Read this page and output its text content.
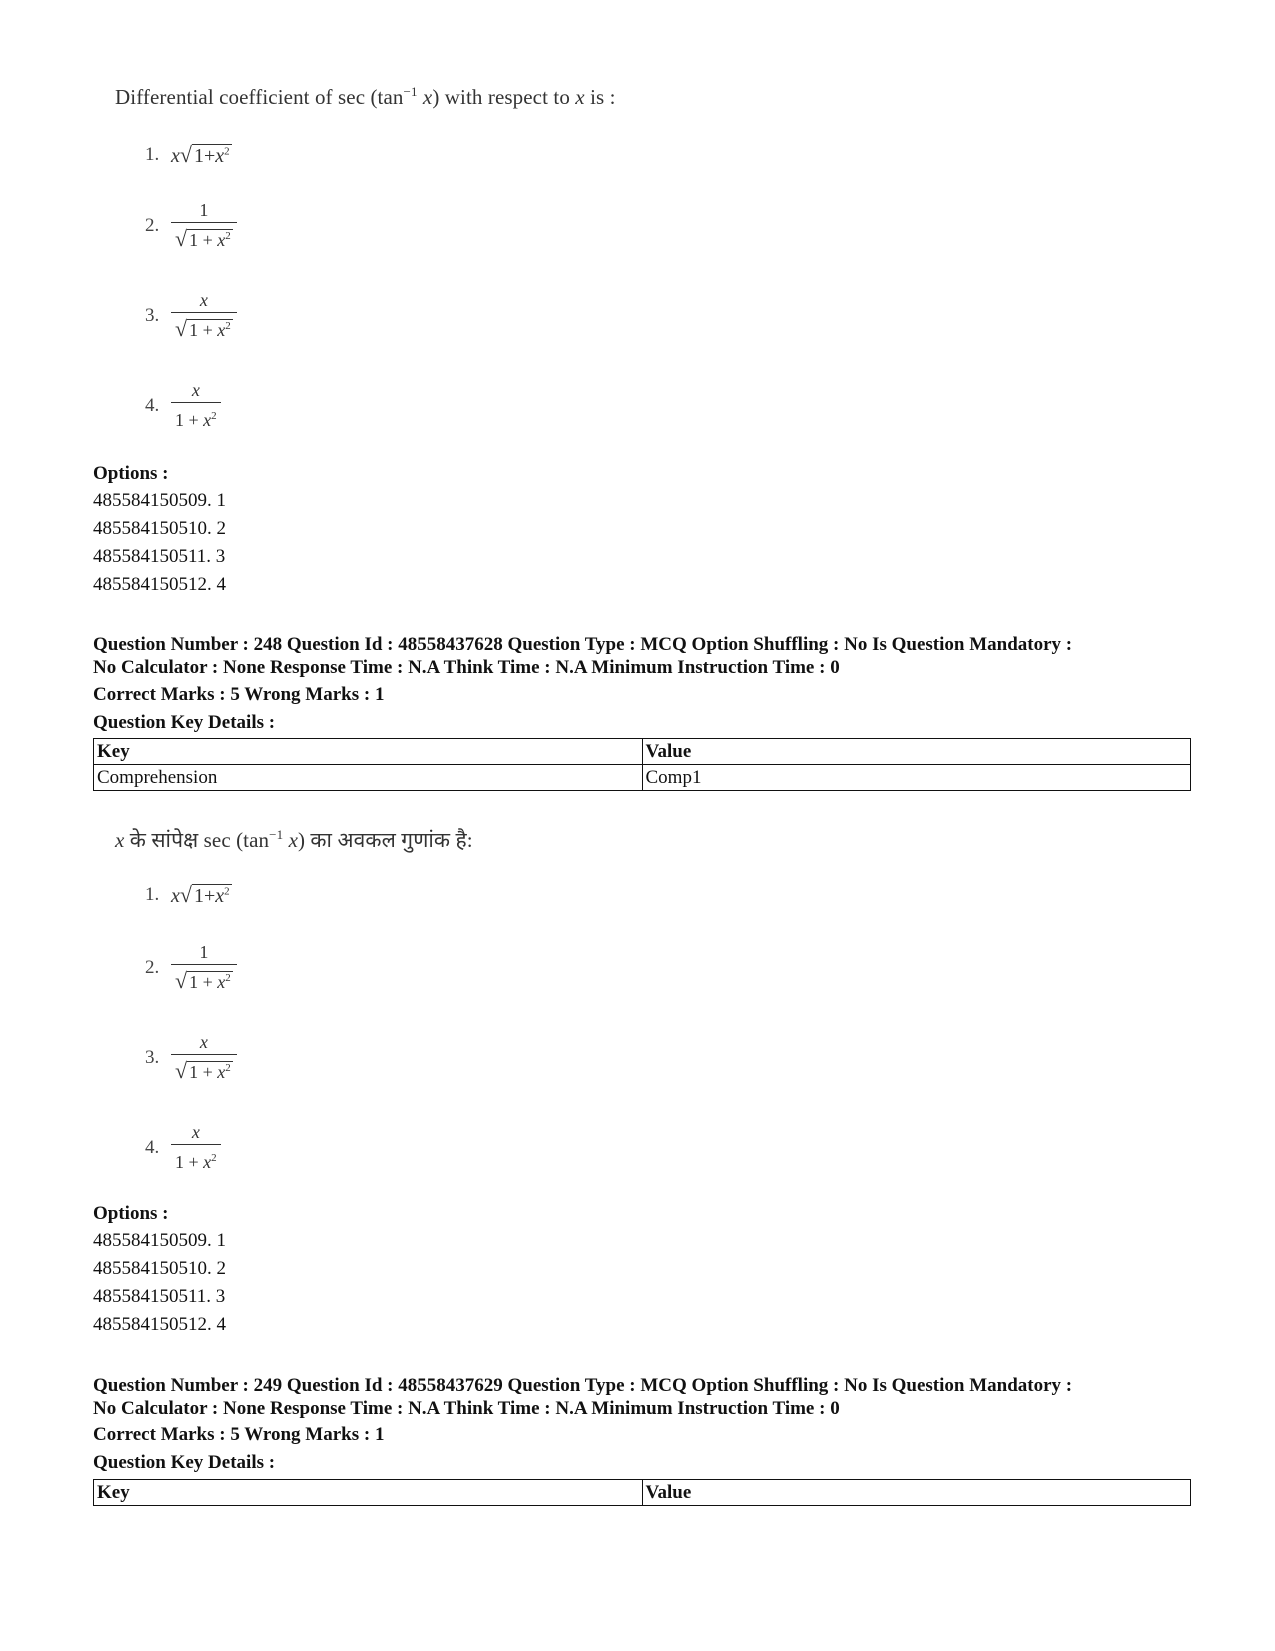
Differential coefficient of $\sec (\tan^{-1}$ x) with respect to x is :
1. x√ $1+x^2$
2. $\frac{1}{√ 1 + x^2}$
3. $\frac{x}{√ 1 + x^2}$
4. $\frac{x}{1 + x^2}$
Options :
485584150509. 1
485584150510. 2
485584150511. 3
485584150512. 4
Question Number : 248 Question Id : 48558437628 Question Type : MCQ Option Shuffling : No Is Question Mandatory :
No Calculator : None Response Time : N.A Think Time : N.A Minimum Instruction Time : 0
Correct Marks : 5 Wrong Marks : 1
Question Key Details :
Key	Value
Comprehension	Comp1
x के सांपेक्ष $\sec (\tan^{-1}$ x) का अवकल गुणांक है:
1. x√ $1+x^2$
2. $\frac{1}{√ 1 + x^2}$
3. $\frac{x}{√ 1 + x^2}$
4. $\frac{x}{1 + x^2}$
Options :
485584150509. 1
485584150510. 2
485584150511. 3
485584150512. 4
Question Number : 249 Question Id : 48558437629 Question Type : MCQ Option Shuffling : No Is Question Mandatory :
No Calculator : None Response Time : N.A Think Time : N.A Minimum Instruction Time : 0
Correct Marks : 5 Wrong Marks : 1
Question Key Details :
Key	Value
